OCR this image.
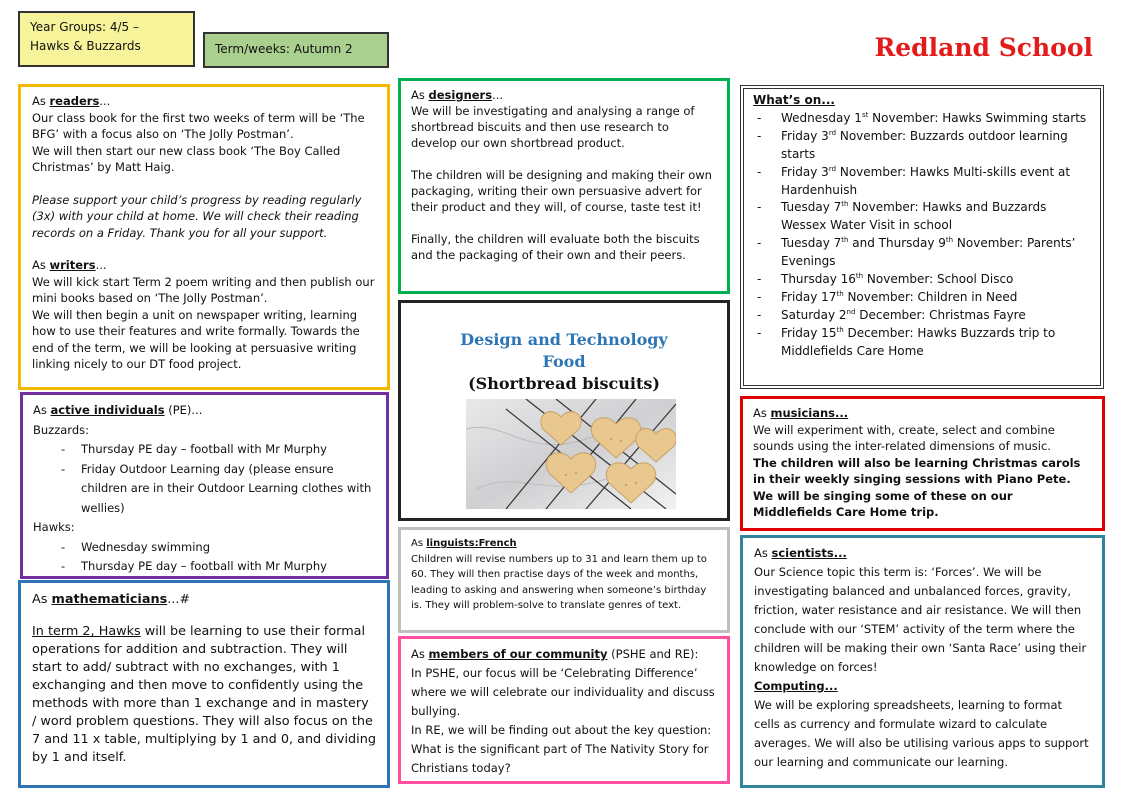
Year Groups: 4/5 –
Hawks & Buzzards	Term/weeks: Autumn 2	Redland School

As readers...

Our class book for the first two weeks of term will be ‘The BFG’ with a focus also on ‘The Jolly Postman’.

We will then start our new class book ‘The Boy Called Christmas’ by Matt Haig.

Please support your child’s progress by reading regularly (3x) with your child at home. We will check their reading records on a Friday. Thank you for all your support.

As writers...

We will kick start Term 2 poem writing and then publish our mini books based on ‘The Jolly Postman’.

We will then begin a unit on newspaper writing, learning how to use their features and write formally. Towards the end of the term, we will be looking at persuasive writing linking nicely to our DT food project.

As active individuals (PE)...

Buzzards:

- Thursday PE day – football with Mr Murphy
- Friday Outdoor Learning day (please ensure children are in their Outdoor Learning clothes with wellies)

Hawks:

- Wednesday swimming
- Thursday PE day – football with Mr Murphy

As mathematicians...#

In term 2, Hawks will be learning to use their formal operations for addition and subtraction. They will start to add/ subtract with no exchanges, with 1 exchanging and then move to confidently using the methods with more than 1 exchange and in mastery / word problem questions. They will also focus on the 7 and 11 x table, multiplying by 1 and 0, and dividing by 1 and itself.

As designers...

We will be investigating and analysing a range of shortbread biscuits and then use research to develop our own shortbread product.

The children will be designing and making their own packaging, writing their own persuasive advert for their product and they will, of course, taste test it!

Finally, the children will evaluate both the biscuits and the packaging of their own and their peers.

Design and Technology
Food
(Shortbread biscuits)

As linguists:French

Children will revise numbers up to 31 and learn them up to 60. They will then practise days of the week and months, leading to asking and answering when someone’s birthday is. They will problem-solve to translate genres of text.

As members of our community (PSHE and RE):

In PSHE, our focus will be ‘Celebrating Difference’ where we will celebrate our individuality and discuss bullying.

In RE, we will be finding out about the key question: What is the significant part of The Nativity Story for Christians today?

What’s on...

- Wednesday 1st November: Hawks Swimming starts
- Friday 3rd November: Buzzards outdoor learning starts
- Friday 3rd November: Hawks Multi-skills event at Hardenhuish
- Tuesday 7th November: Hawks and Buzzards Wessex Water Visit in school
- Tuesday 7th and Thursday 9th November: Parents’ Evenings
- Thursday 16th November: School Disco
- Friday 17th November: Children in Need
- Saturday 2nd December: Christmas Fayre
- Friday 15th December: Hawks Buzzards trip to Middlefields Care Home

As musicians...

We will experiment with, create, select and combine sounds using the inter-related dimensions of music.

The children will also be learning Christmas carols in their weekly singing sessions with Piano Pete. We will be singing some of these on our Middlefields Care Home trip.

As scientists...

Our Science topic this term is: ‘Forces’. We will be investigating balanced and unbalanced forces, gravity, friction, water resistance and air resistance. We will then conclude with our ‘STEM’ activity of the term where the children will be making their own ‘Santa Race’ using their knowledge on forces!

Computing...

We will be exploring spreadsheets, learning to format cells as currency and formulate wizard to calculate averages. We will also be utilising various apps to support our learning and communicate our learning.
